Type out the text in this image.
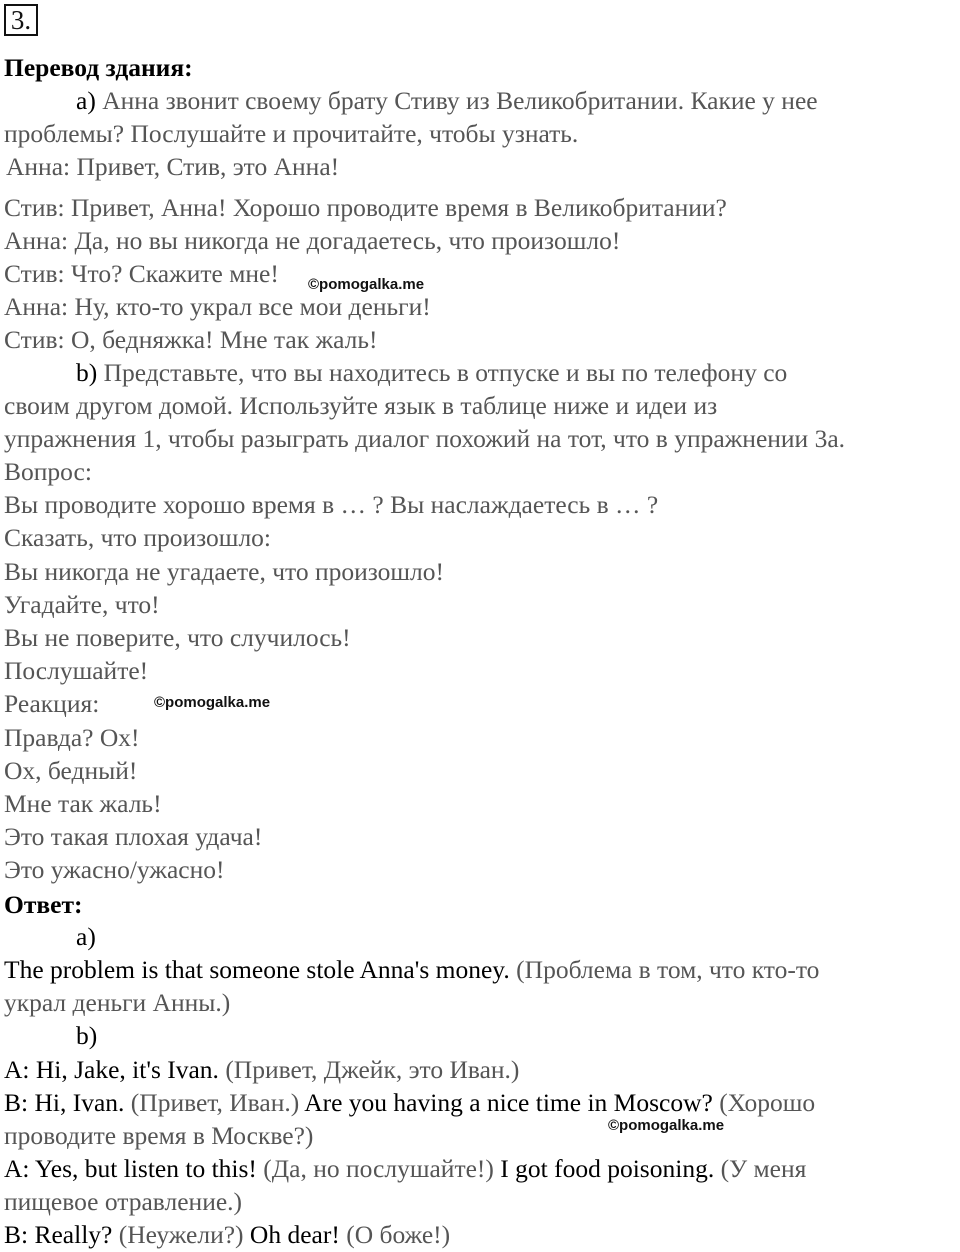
3.
Перевод здания:
a) Анна звонит своему брату Стиву из Великобритании. Какие у нее
проблемы? Послушайте и прочитайте, чтобы узнать.
Анна: Привет, Стив, это Анна!
Стив: Привет, Анна! Хорошо проводите время в Великобритании?
Анна: Да, но вы никогда не догадаетесь, что произошло!
Стив: Что? Скажите мне! ©pomogalka.me
Анна: Ну, кто-то украл все мои деньги!
Стив: О, бедняжка! Мне так жаль!
b) Представьте, что вы находитесь в отпуске и вы по телефону со
своим другом домой. Используйте язык в таблице ниже и идеи из
упражнения 1, чтобы разыграть диалог похожий на тот, что в упражнении 3а.
Вопрос:
Вы проводите хорошо время в … ? Вы наслаждаетесь в … ?
Сказать, что произошло:
Вы никогда не угадаете, что произошло!
Угадайте, что!
Вы не поверите, что случилось!
Послушайте!
Реакция:	©pomogalka.me
Правда? Ох!
Ох, бедный!
Мне так жаль!
Это такая плохая удача!
Это ужасно/ужасно!
Ответ:
a)
The problem is that someone stole Anna's money. (Проблема в том, что кто-то
украл деньги Анны.)
b)
A: Hi, Jake, it's Ivan. (Привет, Джейк, это Иван.)
B: Hi, Ivan. (Привет, Иван.) Are you having a nice time in Moscow? (Хорошо
проводите время в Москве?)	©pomogalka.me
A: Yes, but listen to this! (Да, но послушайте!) I got food poisoning. (У меня
пищевое отравление.)
B: Really? (Неужели?) Oh dear! (О боже!)
